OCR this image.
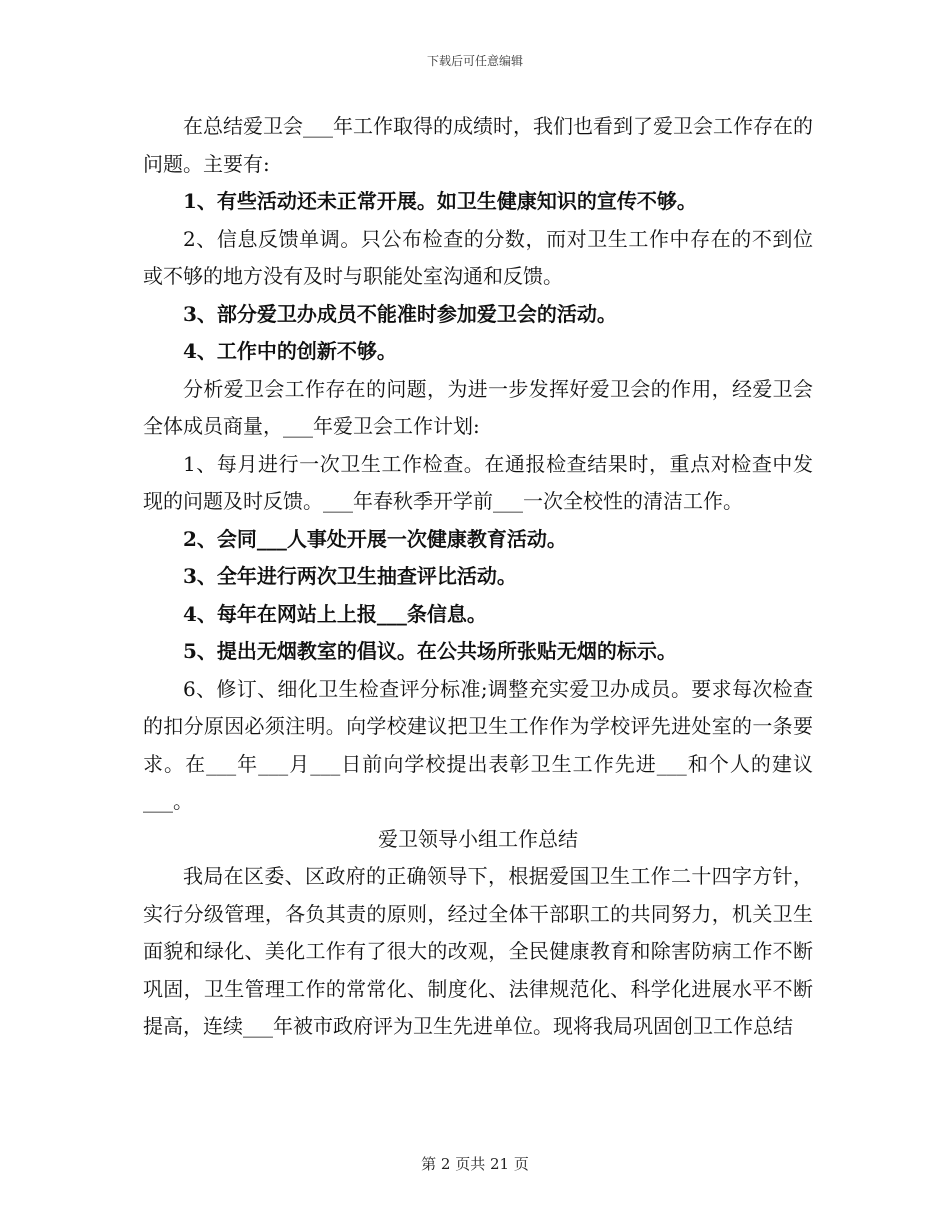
下载后可任意编辑

在总结爱卫会___年工作取得的成绩时，我们也看到了爱卫会工作存在的问题。主要有:

1、有些活动还未正常开展。如卫生健康知识的宣传不够。

2、信息反馈单调。只公布检查的分数，而对卫生工作中存在的不到位或不够的地方没有及时与职能处室沟通和反馈。

3、部分爱卫办成员不能准时参加爱卫会的活动。

4、工作中的创新不够。

分析爱卫会工作存在的问题，为进一步发挥好爱卫会的作用，经爱卫会全体成员商量，___年爱卫会工作计划:

1、每月进行一次卫生工作检查。在通报检查结果时，重点对检查中发现的问题及时反馈。___年春秋季开学前___一次全校性的清洁工作。

2、会同___人事处开展一次健康教育活动。

3、全年进行两次卫生抽查评比活动。

4、每年在网站上上报___条信息。

5、提出无烟教室的倡议。在公共场所张贴无烟的标示。

6、修订、细化卫生检查评分标准;调整充实爱卫办成员。要求每次检查的扣分原因必须注明。向学校建议把卫生工作作为学校评先进处室的一条要求。在___年___月___日前向学校提出表彰卫生工作先进___和个人的建议___。

爱卫领导小组工作总结

我局在区委、区政府的正确领导下，根据爱国卫生工作二十四字方针，实行分级管理，各负其责的原则，经过全体干部职工的共同努力，机关卫生面貌和绿化、美化工作有了很大的改观，全民健康教育和除害防病工作不断巩固，卫生管理工作的常常化、制度化、法律规范化、科学化进展水平不断提高，连续___年被市政府评为卫生先进单位。现将我局巩固创卫工作总结

第 2 页共 21 页
